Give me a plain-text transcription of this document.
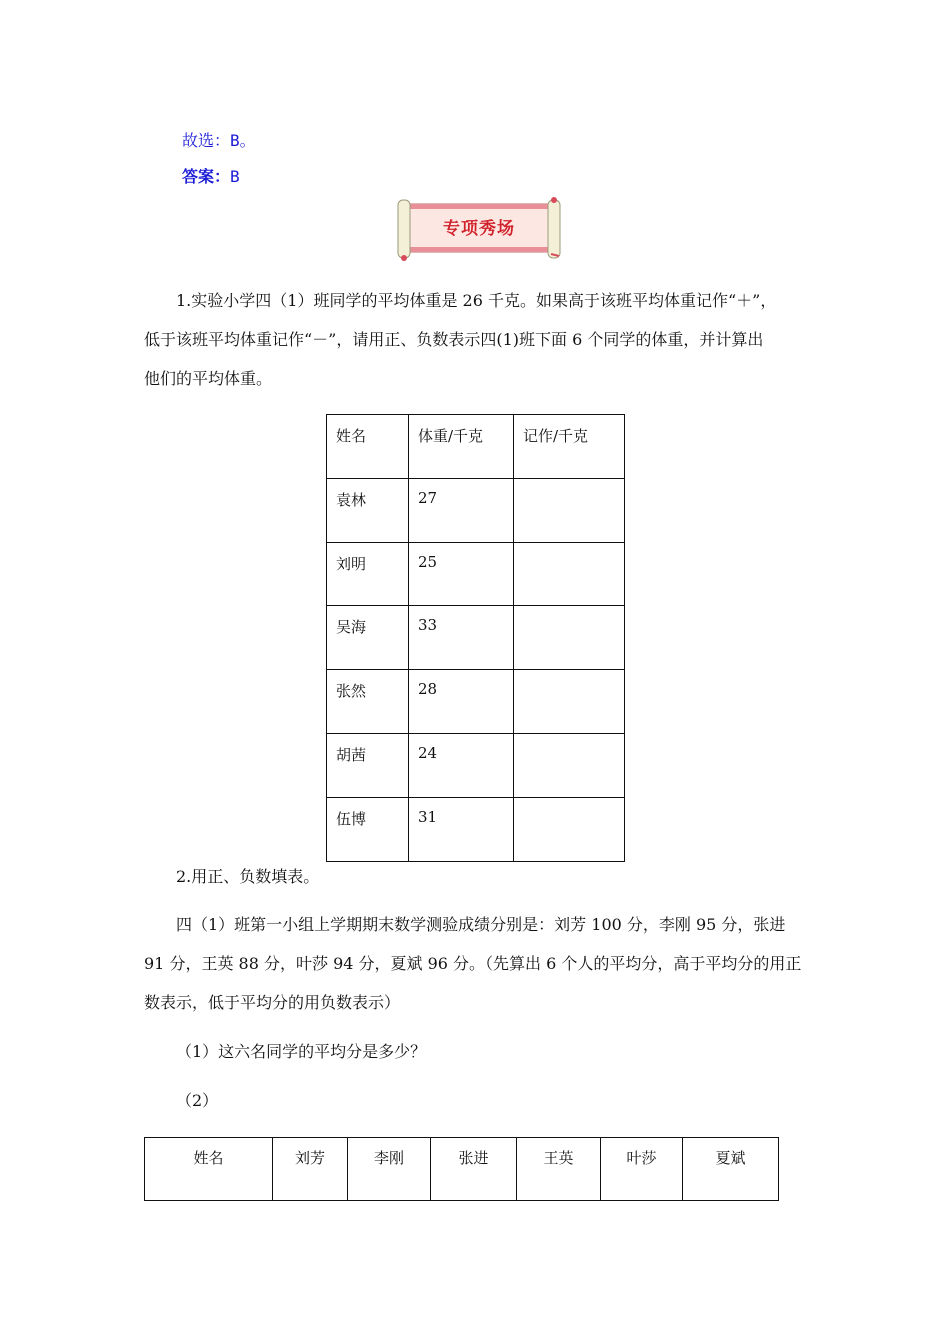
故选：B。
答案：B
专项秀场
1.实验小学四（1）班同学的平均体重是 26 千克。如果高于该班平均体重记作“＋”，
低于该班平均体重记作“－”，请用正、负数表示四(1)班下面 6 个同学的体重，并计算出
他们的平均体重。
姓名	体重/千克	记作/千克
袁林	27	
刘明	25	
吴海	33	
张然	28	
胡茜	24	
伍博	31	
2.用正、负数填表。
四（1）班第一小组上学期期末数学测验成绩分别是：刘芳 100 分，李刚 95 分，张进
91 分，王英 88 分，叶莎 94 分，夏斌 96 分。（先算出 6 个人的平均分，高于平均分的用正
数表示，低于平均分的用负数表示）
（1）这六名同学的平均分是多少？
（2）
姓名	刘芳	李刚	张进	王英	叶莎	夏斌
